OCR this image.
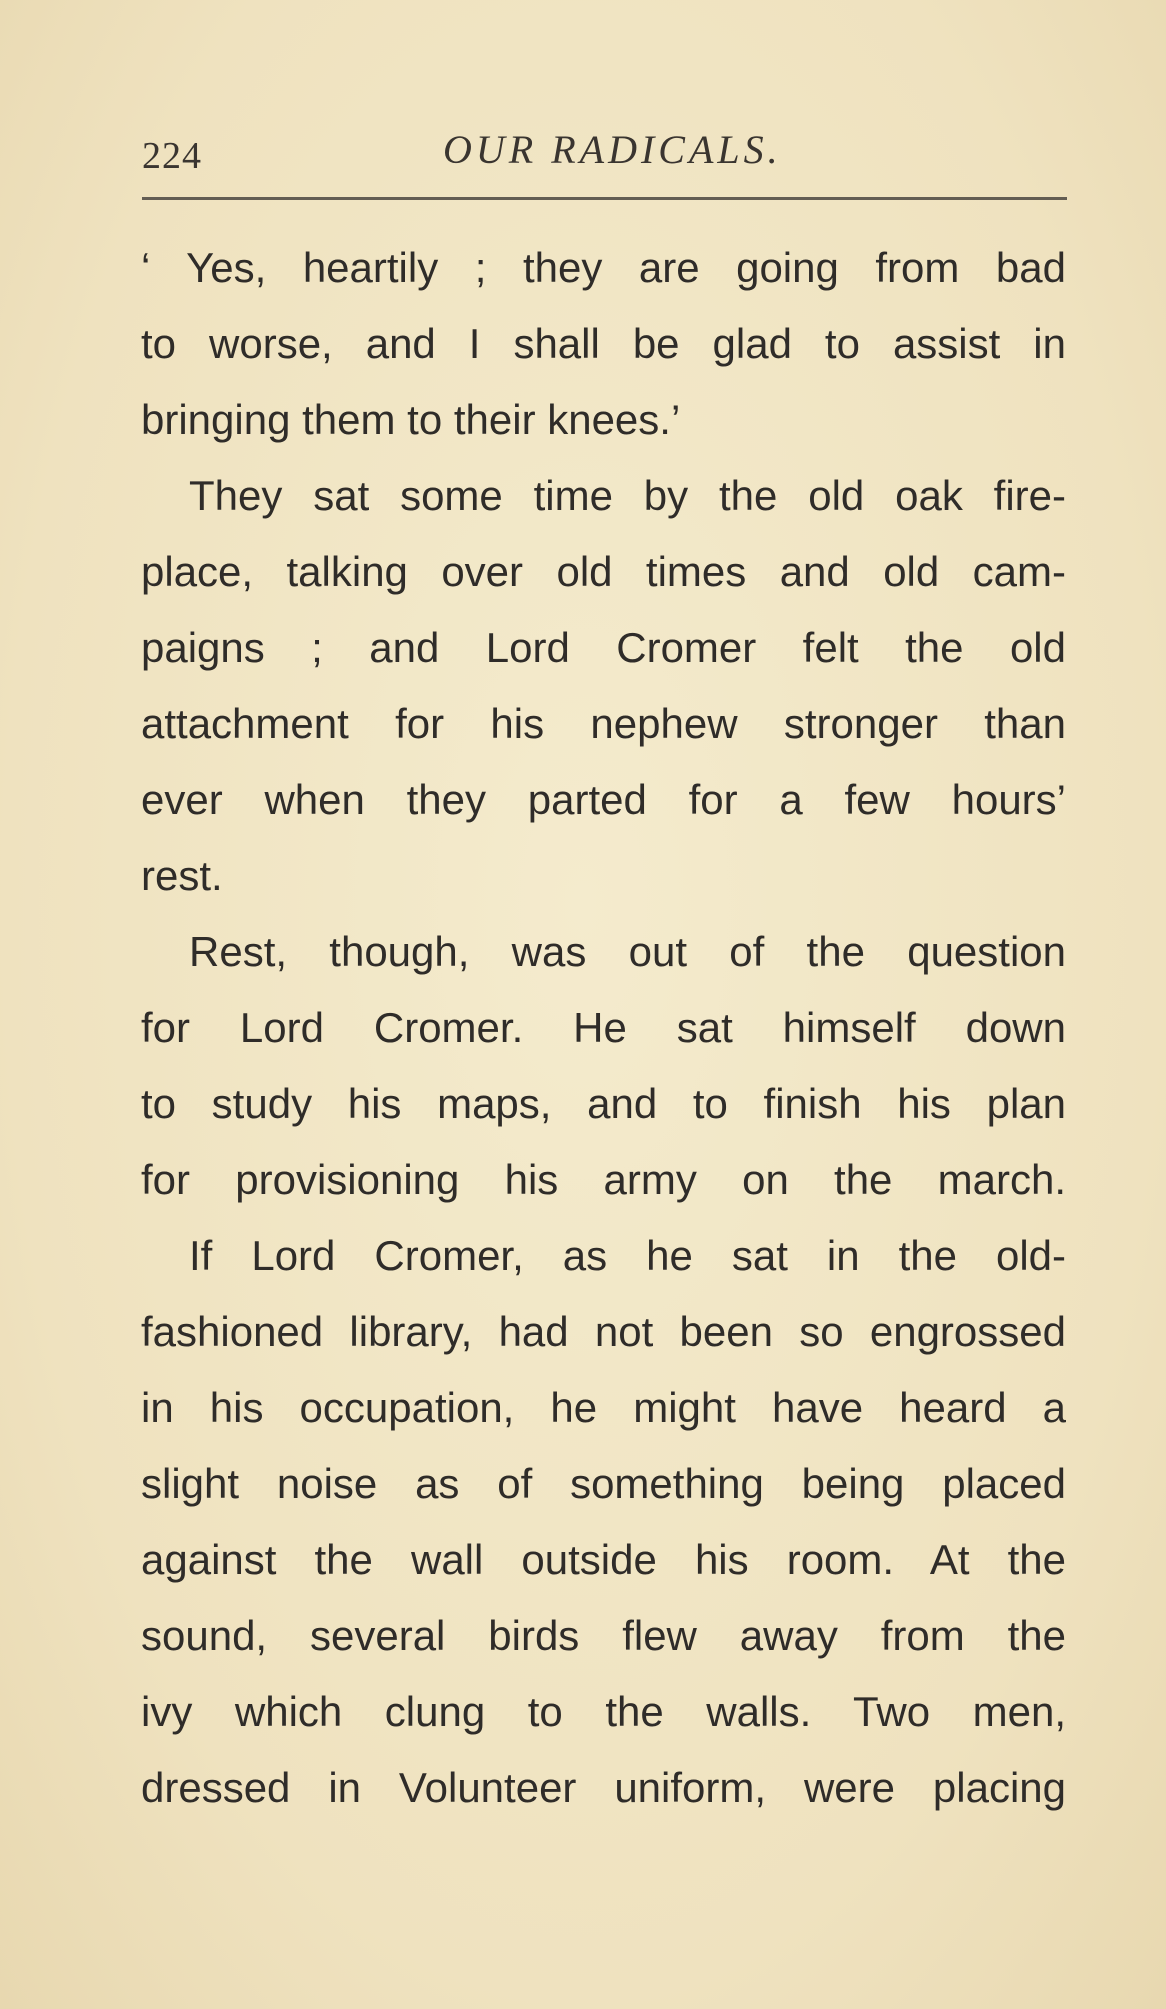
224	OUR RADICALS.
‘ Yes, heartily ; they are going from bad
to worse, and I shall be glad to assist in
bringing them to their knees.’
They sat some time by the old oak fire-
place, talking over old times and old cam-
paigns ; and Lord Cromer felt the old
attachment for his nephew stronger than
ever when they parted for a few hours’
rest.
Rest, though, was out of the question
for Lord Cromer. He sat himself down
to study his maps, and to finish his plan
for provisioning his army on the march.
If Lord Cromer, as he sat in the old-
fashioned library, had not been so engrossed
in his occupation, he might have heard a
slight noise as of something being placed
against the wall outside his room. At the
sound, several birds flew away from the
ivy which clung to the walls. Two men,
dressed in Volunteer uniform, were placing
